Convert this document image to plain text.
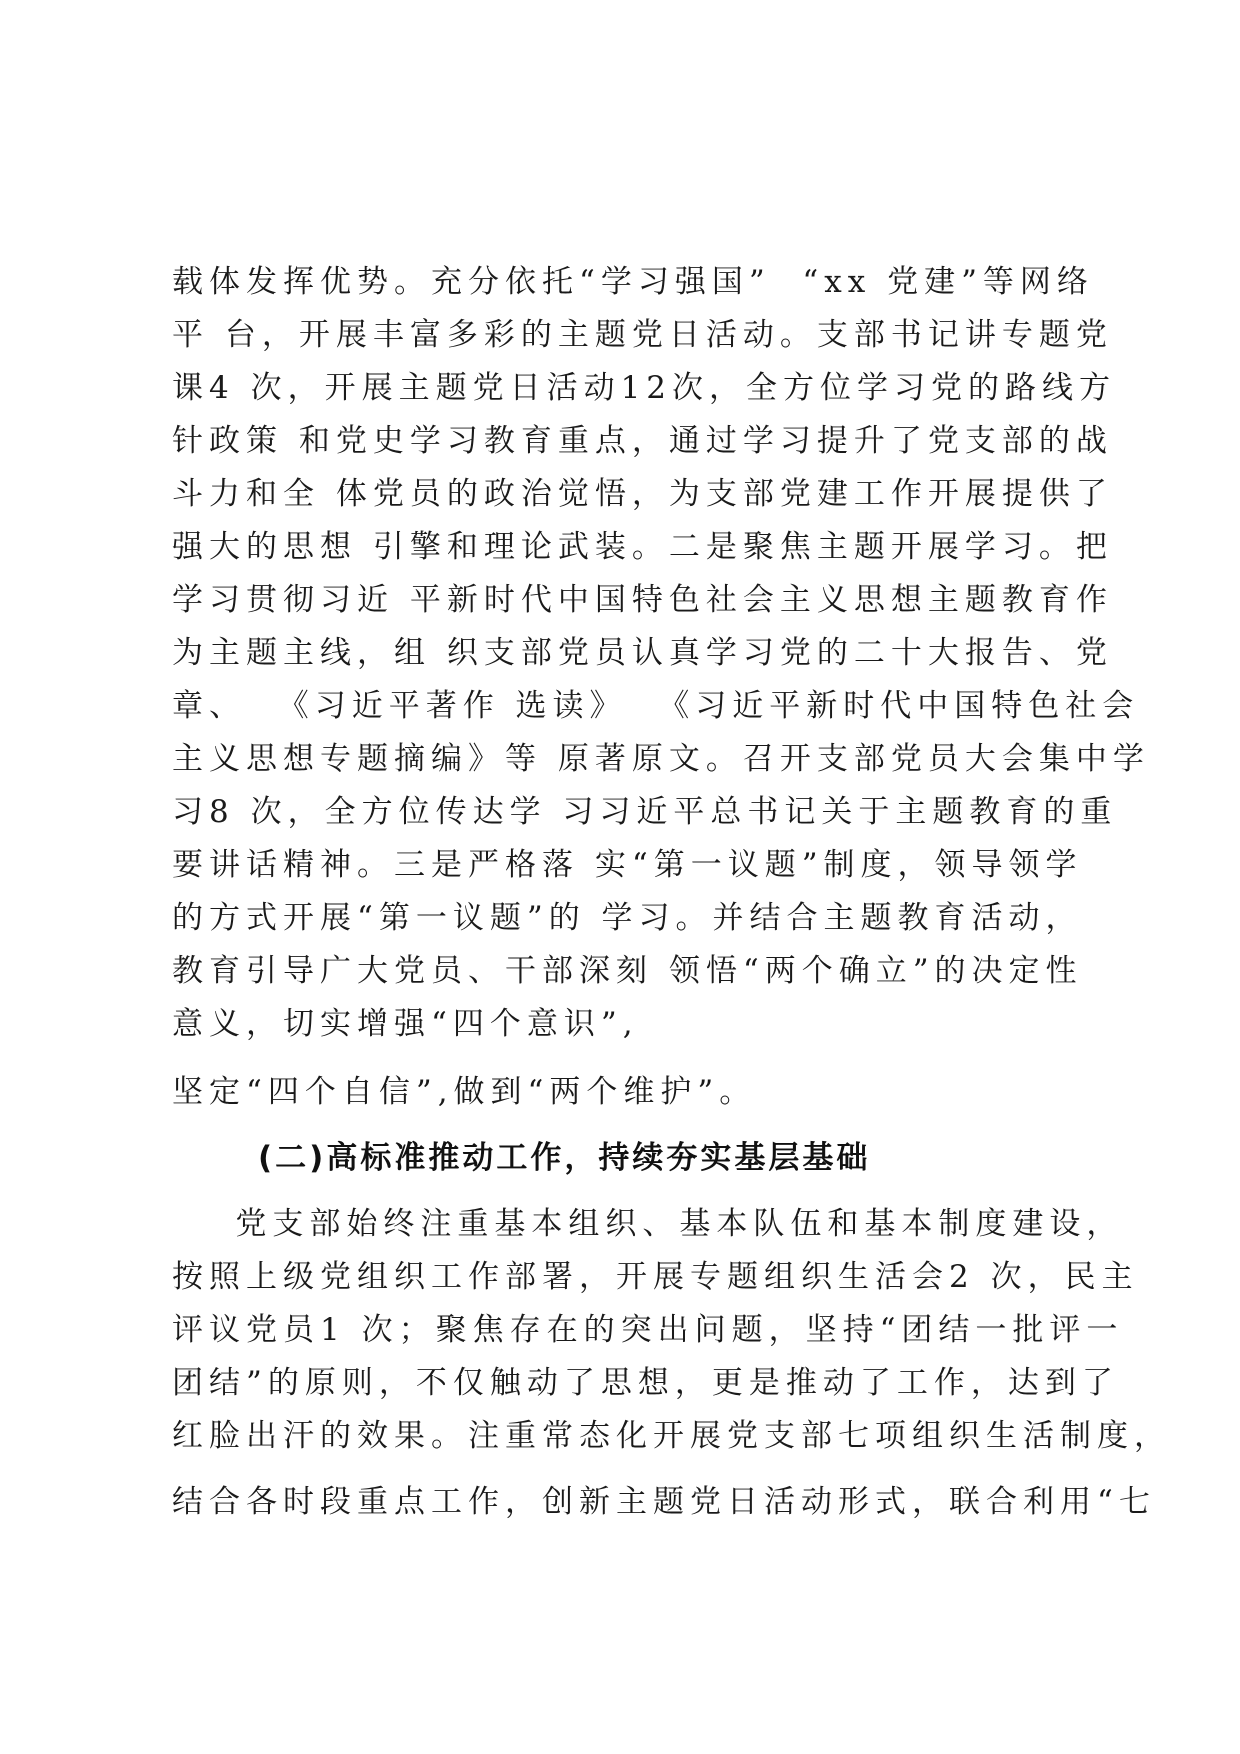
载体发挥优势。充分依托“学习强国”  “xx 党建”等网络
平 台，开展丰富多彩的主题党日活动。支部书记讲专题党
课4 次，开展主题党日活动12次，全方位学习党的路线方
针政策 和党史学习教育重点，通过学习提升了党支部的战
斗力和全 体党员的政治觉悟，为支部党建工作开展提供了
强大的思想 引擎和理论武装。二是聚焦主题开展学习。把
学习贯彻习近 平新时代中国特色社会主义思想主题教育作
为主题主线，组 织支部党员认真学习党的二十大报告、党
章、  《习近平著作 选读》  《习近平新时代中国特色社会
主义思想专题摘编》等 原著原文。召开支部党员大会集中学
习8 次，全方位传达学 习习近平总书记关于主题教育的重
要讲话精神。三是严格落 实“第一议题”制度，领导领学
的方式开展“第一议题”的 学习。并结合主题教育活动，
教育引导广大党员、干部深刻 领悟“两个确立”的决定性
意义，切实增强“四个意识”,
坚定“四个自信”,做到“两个维护”。
(二)高标准推动工作，持续夯实基层基础
党支部始终注重基本组织、基本队伍和基本制度建设，
按照上级党组织工作部署，开展专题组织生活会2 次，民主
评议党员1 次；聚焦存在的突出问题，坚持“团结一批评一
团结”的原则，不仅触动了思想，更是推动了工作，达到了
红脸出汗的效果。注重常态化开展党支部七项组织生活制度，
结合各时段重点工作，创新主题党日活动形式，联合利用“七
